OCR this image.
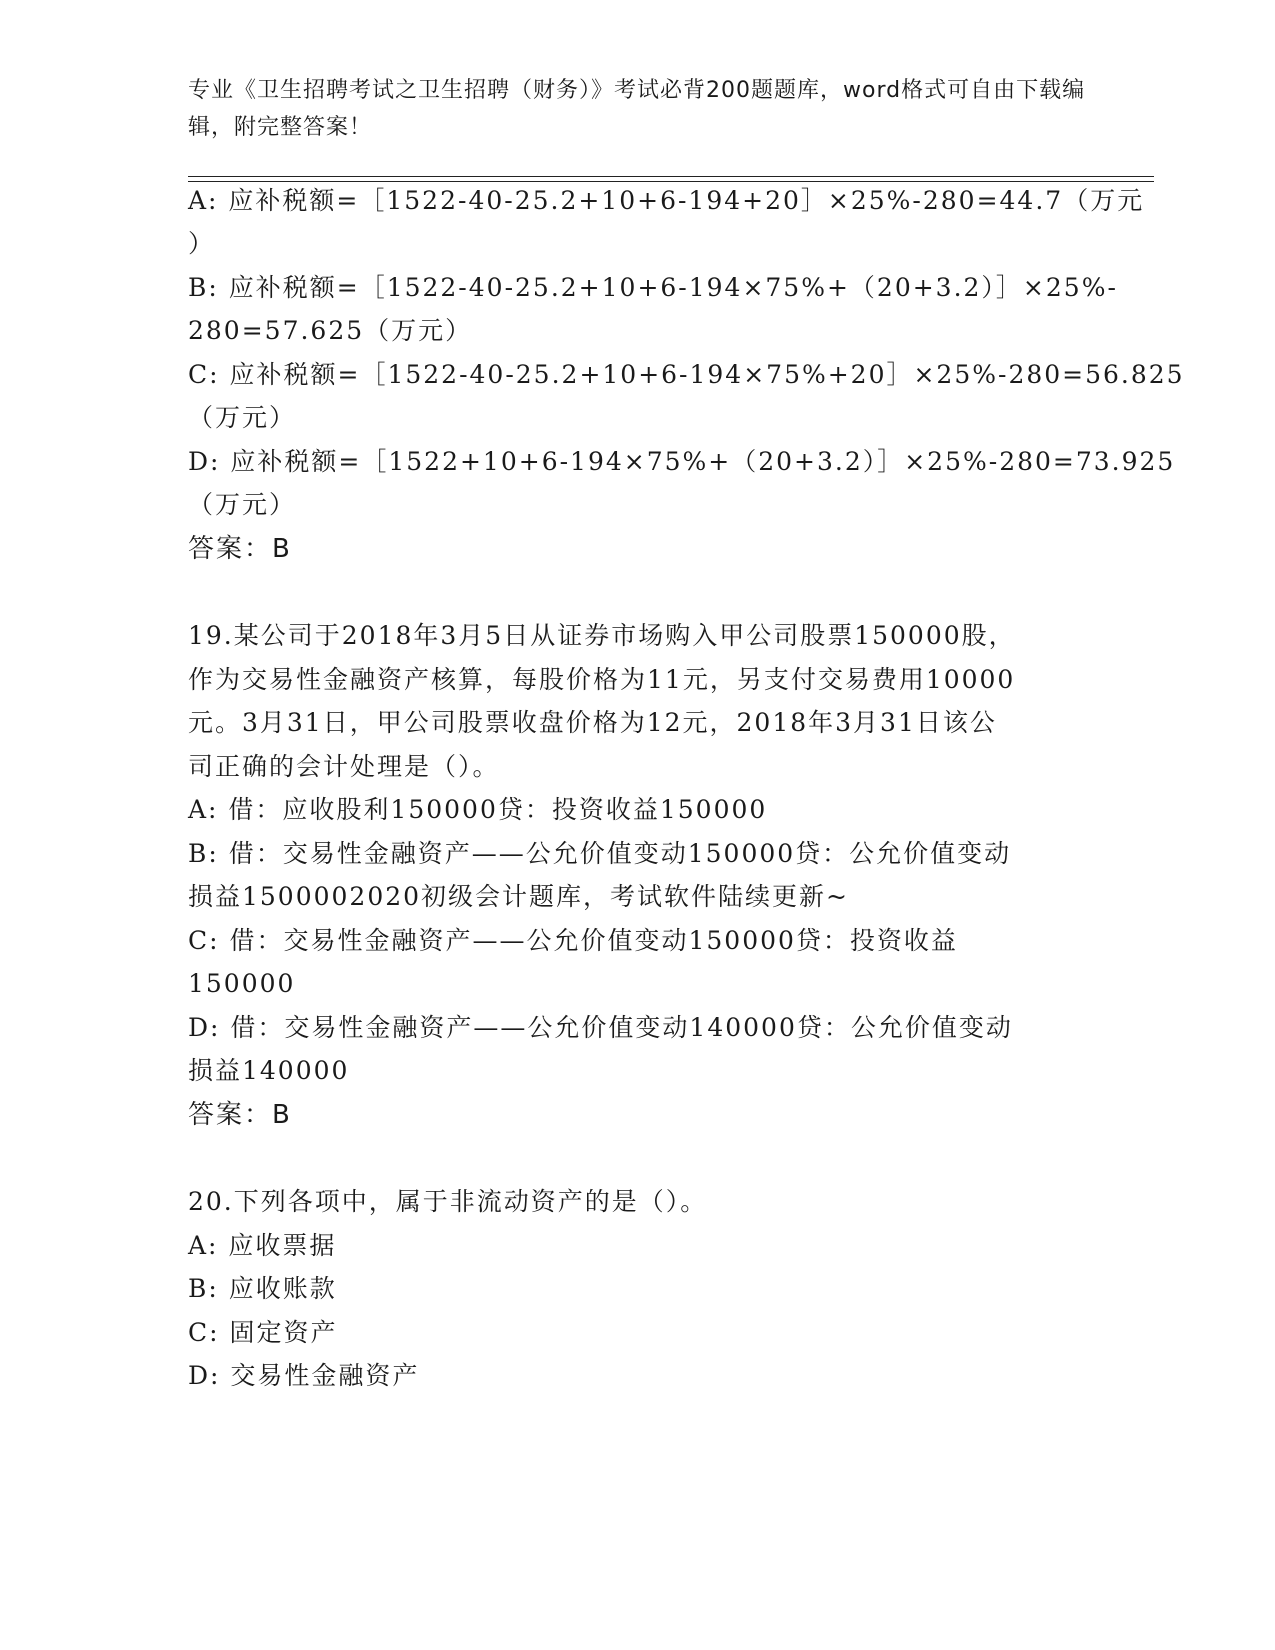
专业《卫生招聘考试之卫生招聘（财务）》考试必背200题题库，word格式可自由下载编辑，附完整答案！

A: 应补税额=［1522-40-25.2+10+6-194+20］×25%-280=44.7（万元

）

B: 应补税额=［1522-40-25.2+10+6-194×75%+（20+3.2）］×25%-

280=57.625（万元）

C: 应补税额=［1522-40-25.2+10+6-194×75%+20］×25%-280=56.825

（万元）

D: 应补税额=［1522+10+6-194×75%+（20+3.2）］×25%-280=73.925

（万元）

答案：B

19.某公司于2018年3月5日从证券市场购入甲公司股票150000股，

作为交易性金融资产核算，每股价格为11元，另支付交易费用10000

元。3月31日，甲公司股票收盘价格为12元，2018年3月31日该公

司正确的会计处理是（）。

A: 借：应收股利150000贷：投资收益150000

B: 借：交易性金融资产——公允价值变动150000贷：公允价值变动

损益1500002020初级会计题库，考试软件陆续更新~

C: 借：交易性金融资产——公允价值变动150000贷：投资收益

150000

D: 借：交易性金融资产——公允价值变动140000贷：公允价值变动

损益140000

答案：B

20.下列各项中，属于非流动资产的是（）。

A: 应收票据

B: 应收账款

C: 固定资产

D: 交易性金融资产
